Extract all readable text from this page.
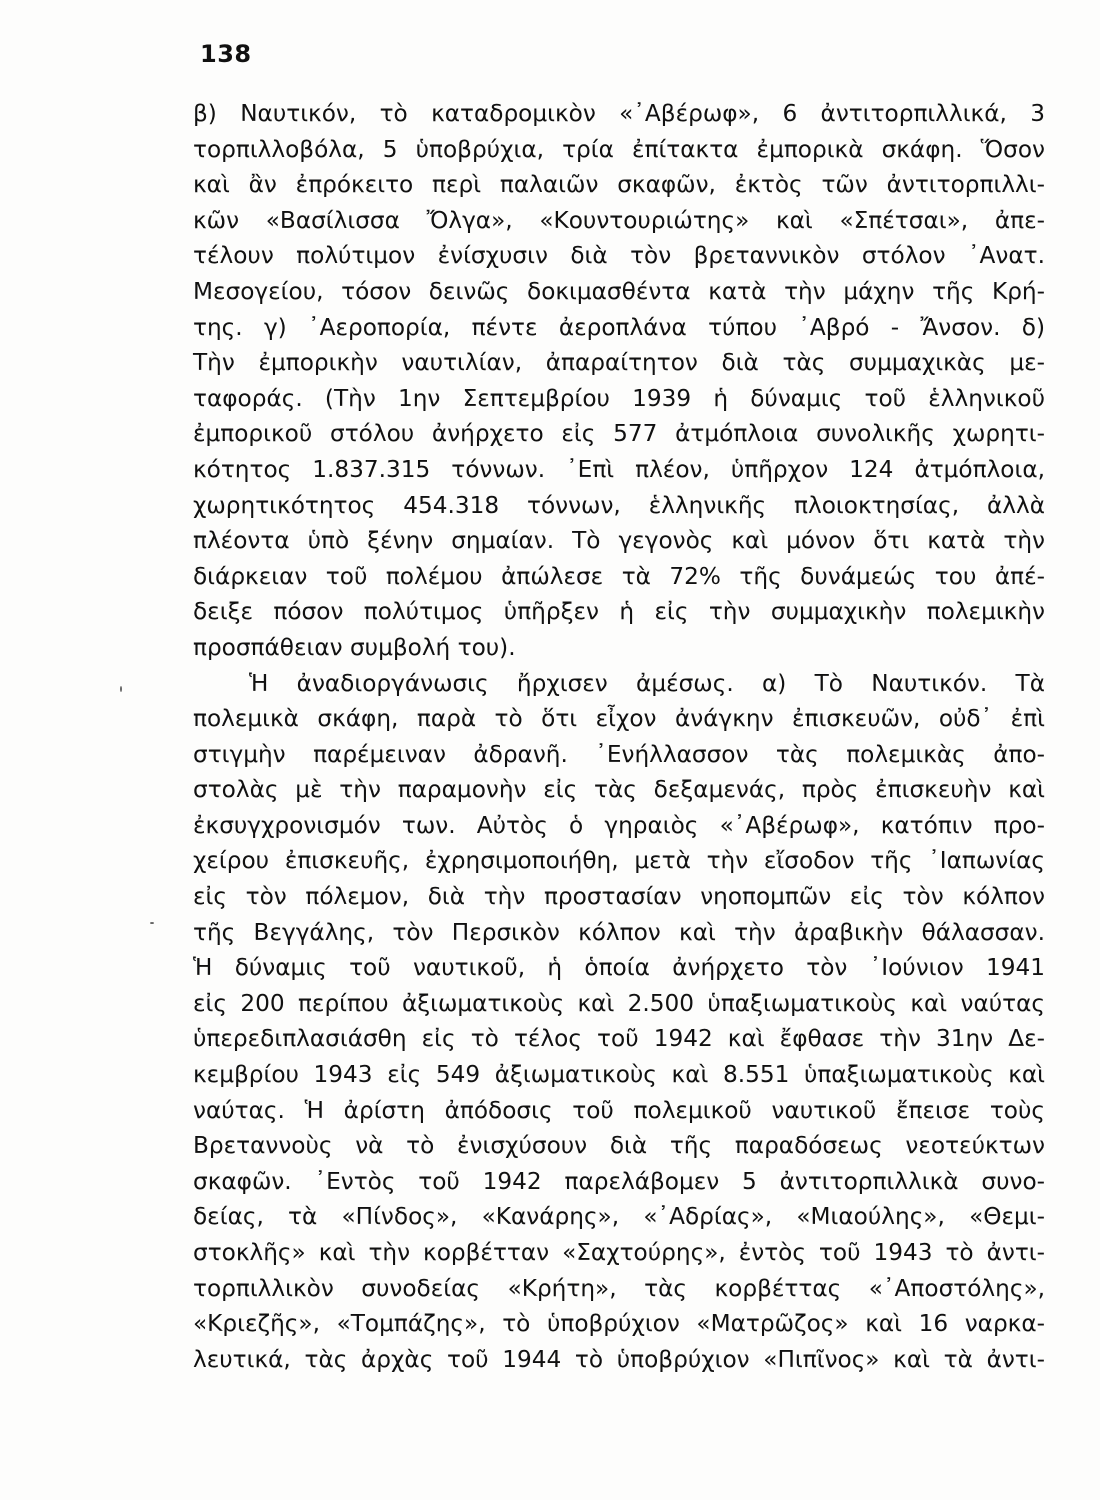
138
β) Ναυτικόν, τὸ καταδρομικὸν «᾿Αβέρωφ», 6 ἀντιτορπιλλικά, 3
τορπιλλοβόλα, 5 ὑποβρύχια, τρία ἐπίτακτα ἐμπορικὰ σκάφη. Ὅσον
καὶ ἂν ἐπρόκειτο περὶ παλαιῶν σκαφῶν, ἐκτὸς τῶν ἀντιτορπιλλι-
κῶν «Βασίλισσα Ὄλγα», «Κουντουριώτης» καὶ «Σπέτσαι», ἀπε-
τέλουν πολύτιμον ἐνίσχυσιν διὰ τὸν βρεταννικὸν στόλον ᾿Ανατ.
Μεσογείου, τόσον δεινῶς δοκιμασθέντα κατὰ τὴν μάχην τῆς Κρή-
της. γ) ᾿Αεροπορία, πέντε ἀεροπλάνα τύπου ᾿Αβρό - Ἄνσον. δ)
Τὴν ἐμπορικὴν ναυτιλίαν, ἀπαραίτητον διὰ τὰς συμμαχικὰς με-
ταφοράς. (Τὴν 1ην Σεπτεμβρίου 1939 ἡ δύναμις τοῦ ἑλληνικοῦ
ἐμπορικοῦ στόλου ἀνήρχετο εἰς 577 ἀτμόπλοια συνολικῆς χωρητι-
κότητος 1.837.315 τόννων. ᾿Επὶ πλέον, ὑπῆρχον 124 ἀτμόπλοια,
χωρητικότητος 454.318 τόννων, ἑλληνικῆς πλοιοκτησίας, ἀλλὰ
πλέοντα ὑπὸ ξένην σημαίαν. Τὸ γεγονὸς καὶ μόνον ὅτι κατὰ τὴν
διάρκειαν τοῦ πολέμου ἀπώλεσε τὰ 72% τῆς δυνάμεώς του ἀπέ-
δειξε πόσον πολύτιμος ὑπῆρξεν ἡ εἰς τὴν συμμαχικὴν πολεμικὴν
προσπάθειαν συμβολή του).
Ἡ ἀναδιοργάνωσις ἤρχισεν ἀμέσως. α) Τὸ Ναυτικόν. Τὰ
πολεμικὰ σκάφη, παρὰ τὸ ὅτι εἶχον ἀνάγκην ἐπισκευῶν, οὐδ᾿ ἐπὶ
στιγμὴν παρέμειναν ἀδρανῆ. ᾿Ενήλλασσον τὰς πολεμικὰς ἀπο-
στολὰς μὲ τὴν παραμονὴν εἰς τὰς δεξαμενάς, πρὸς ἐπισκευὴν καὶ
ἐκσυγχρονισμόν των. Αὐτὸς ὁ γηραιὸς «᾿Αβέρωφ», κατόπιν προ-
χείρου ἐπισκευῆς, ἐχρησιμοποιήθη, μετὰ τὴν εἴσοδον τῆς ᾿Ιαπωνίας
εἰς τὸν πόλεμον, διὰ τὴν προστασίαν νηοπομπῶν εἰς τὸν κόλπον
τῆς Βεγγάλης, τὸν Περσικὸν κόλπον καὶ τὴν ἀραβικὴν θάλασσαν.
Ἡ δύναμις τοῦ ναυτικοῦ, ἡ ὁποία ἀνήρχετο τὸν ᾿Ιούνιον 1941
εἰς 200 περίπου ἀξιωματικοὺς καὶ 2.500 ὑπαξιωματικοὺς καὶ ναύτας
ὑπερεδιπλασιάσθη εἰς τὸ τέλος τοῦ 1942 καὶ ἔφθασε τὴν 31ην Δε-
κεμβρίου 1943 εἰς 549 ἀξιωματικοὺς καὶ 8.551 ὑπαξιωματικοὺς καὶ
ναύτας. Ἡ ἀρίστη ἀπόδοσις τοῦ πολεμικοῦ ναυτικοῦ ἔπεισε τοὺς
Βρεταννοὺς νὰ τὸ ἐνισχύσουν διὰ τῆς παραδόσεως νεοτεύκτων
σκαφῶν. ᾿Εντὸς τοῦ 1942 παρελάβομεν 5 ἀντιτορπιλλικὰ συνο-
δείας, τὰ «Πίνδος», «Κανάρης», «᾿Αδρίας», «Μιαούλης», «Θεμι-
στοκλῆς» καὶ τὴν κορβέτταν «Σαχτούρης», ἐντὸς τοῦ 1943 τὸ ἀντι-
τορπιλλικὸν συνοδείας «Κρήτη», τὰς κορβέττας «᾿Αποστόλης»,
«Κριεζῆς», «Τομπάζης», τὸ ὑποβρύχιον «Ματρῶζος» καὶ 16 ναρκα-
λευτικά, τὰς ἀρχὰς τοῦ 1944 τὸ ὑποβρύχιον «Πιπῖνος» καὶ τὰ ἀντι-
